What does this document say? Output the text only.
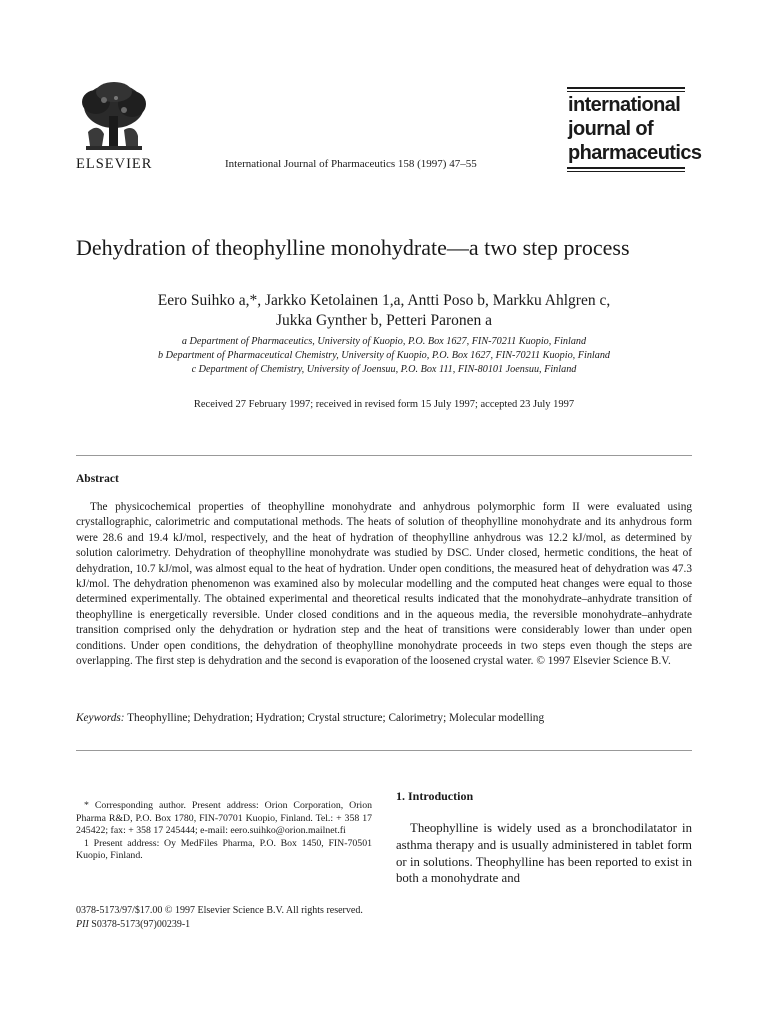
ELSEVIER	International Journal of Pharmaceutics 158 (1997) 47–55
international
journal of
pharmaceutics
Dehydration of theophylline monohydrate—a two step process
Eero Suihko a,*, Jarkko Ketolainen 1,a, Antti Poso b, Markku Ahlgren c,
Jukka Gynther b, Petteri Paronen a
a Department of Pharmaceutics, University of Kuopio, P.O. Box 1627, FIN-70211 Kuopio, Finland
b Department of Pharmaceutical Chemistry, University of Kuopio, P.O. Box 1627, FIN-70211 Kuopio, Finland
c Department of Chemistry, University of Joensuu, P.O. Box 111, FIN-80101 Joensuu, Finland
Received 27 February 1997; received in revised form 15 July 1997; accepted 23 July 1997
Abstract
The physicochemical properties of theophylline monohydrate and anhydrous polymorphic form II were evaluated using crystallographic, calorimetric and computational methods. The heats of solution of theophylline monohydrate and its anhydrous form were 28.6 and 19.4 kJ/mol, respectively, and the heat of hydration of theophylline anhydrous was 12.2 kJ/mol, as determined by solution calorimetry. Dehydration of theophylline monohydrate was studied by DSC. Under closed, hermetic conditions, the heat of dehydration, 10.7 kJ/mol, was almost equal to the heat of hydration. Under open conditions, the measured heat of dehydration was 47.3 kJ/mol. The dehydration phenomenon was examined also by molecular modelling and the computed heat changes were equal to those determined experimentally. The obtained experimental and theoretical results indicated that the monohydrate–anhydrate transition of theophylline is energetically reversible. Under closed conditions and in the aqueous media, the reversible monohydrate–anhydrate transition comprised only the dehydration or hydration step and the heat of transitions were considerably lower than under open conditions. Under open conditions, the dehydration of theophylline monohydrate proceeds in two steps even though the steps are overlapping. The first step is dehydration and the second is evaporation of the loosened crystal water. © 1997 Elsevier Science B.V.
Keywords: Theophylline; Dehydration; Hydration; Crystal structure; Calorimetry; Molecular modelling

* Corresponding author. Present address: Orion Corporation, Orion Pharma R&D, P.O. Box 1780, FIN-70701 Kuopio, Finland. Tel.: + 358 17 245422; fax: + 358 17 245444; e-mail: eero.suihko@orion.mailnet.fi

1 Present address: Oy MedFiles Pharma, P.O. Box 1450, FIN-70501 Kuopio, Finland.

1. Introduction
Theophylline is widely used as a bronchodilatator in asthma therapy and is usually administered in tablet form or in solutions. Theophylline has been reported to exist in both a monohydrate and
0378-5173/97/$17.00 © 1997 Elsevier Science B.V. All rights reserved.
PII S0378-5173(97)00239-1
